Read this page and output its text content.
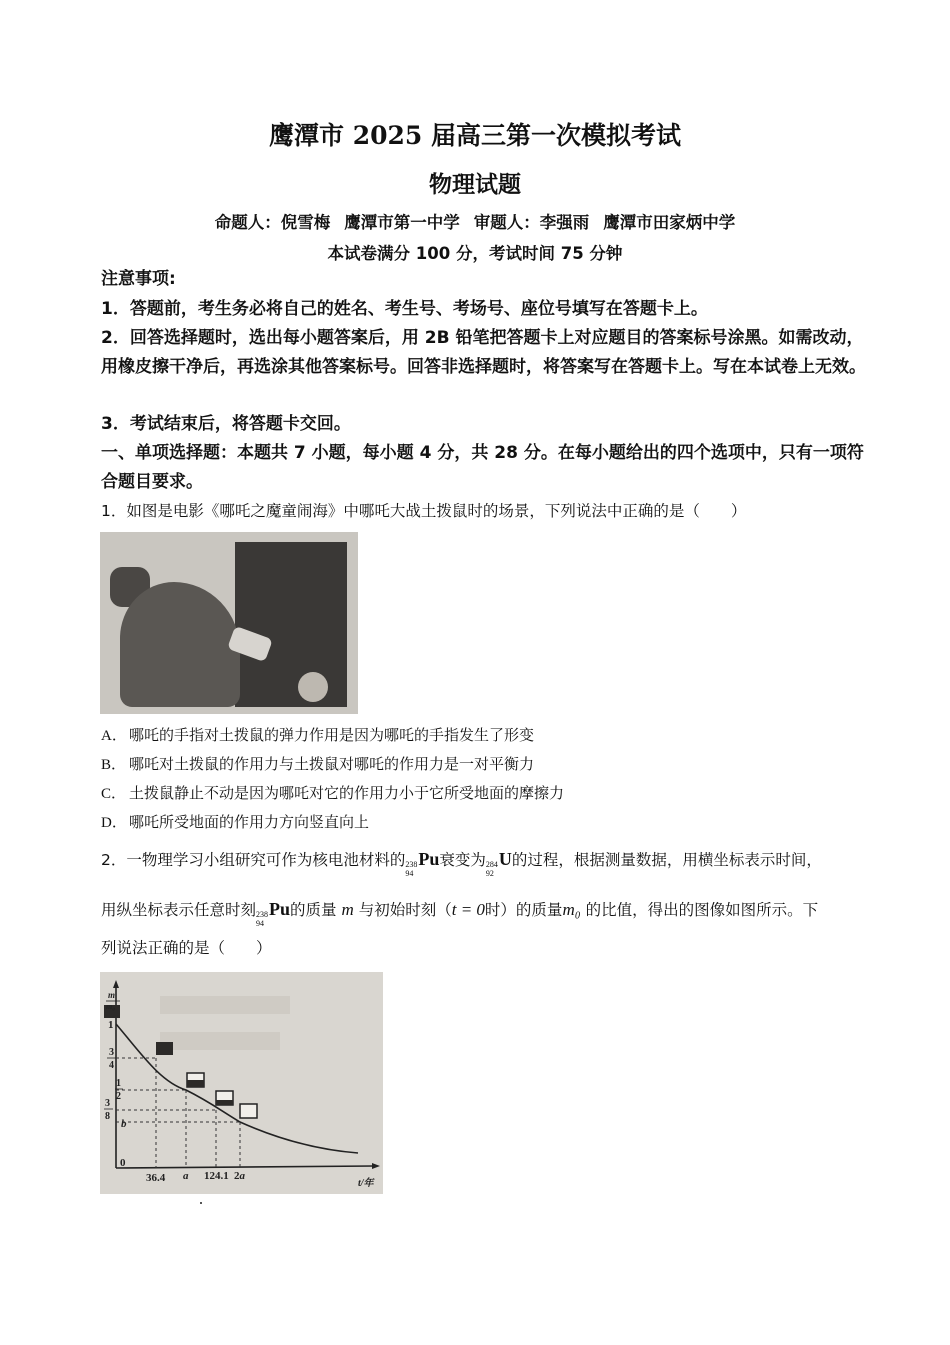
鹰潭市 2025 届高三第一次模拟考试
物理试题
命题人：倪雪梅 鹰潭市第一中学 审题人：李强雨 鹰潭市田家炳中学
本试卷满分 100 分，考试时间 75 分钟
注意事项:
1．答题前，考生务必将自己的姓名、考生号、考场号、座位号填写在答题卡上。
2．回答选择题时，选出每小题答案后，用 2B 铅笔把答题卡上对应题目的答案标号涂黑。如需改动，用橡皮擦干净后，再选涂其他答案标号。回答非选择题时，将答案写在答题卡上。写在本试卷上无效。
3．考试结束后，将答题卡交回。
一、单项选择题：本题共 7 小题，每小题 4 分，共 28 分。在每小题给出的四个选项中，只有一项符合题目要求。
1．如图是电影《哪吒之魔童闹海》中哪吒大战土拨鼠时的场景，下列说法中正确的是（　　）
A． 哪吒的手指对土拨鼠的弹力作用是因为哪吒的手指发生了形变
B． 哪吒对土拨鼠的作用力与土拨鼠对哪吒的作用力是一对平衡力
C． 土拨鼠静止不动是因为哪吒对它的作用力小于它所受地面的摩擦力
D． 哪吒所受地面的作用力方向竖直向上
2．一物理学习小组研究可作为核电池材料的 238
94
Pu 衰变为 284
92
U 的过程，根据测量数据，用横坐标表示时间，
用纵坐标表示任意时刻 238
94
Pu 的质量 m 与初始时刻（t = 0时）的质量m₀ 的比值，得出的图像如图所示。下
列说法正确的是（　　）
m
m₀
1
3
4
1
2
3
8
b
0
36.4 a 124.1 2a
t/年
